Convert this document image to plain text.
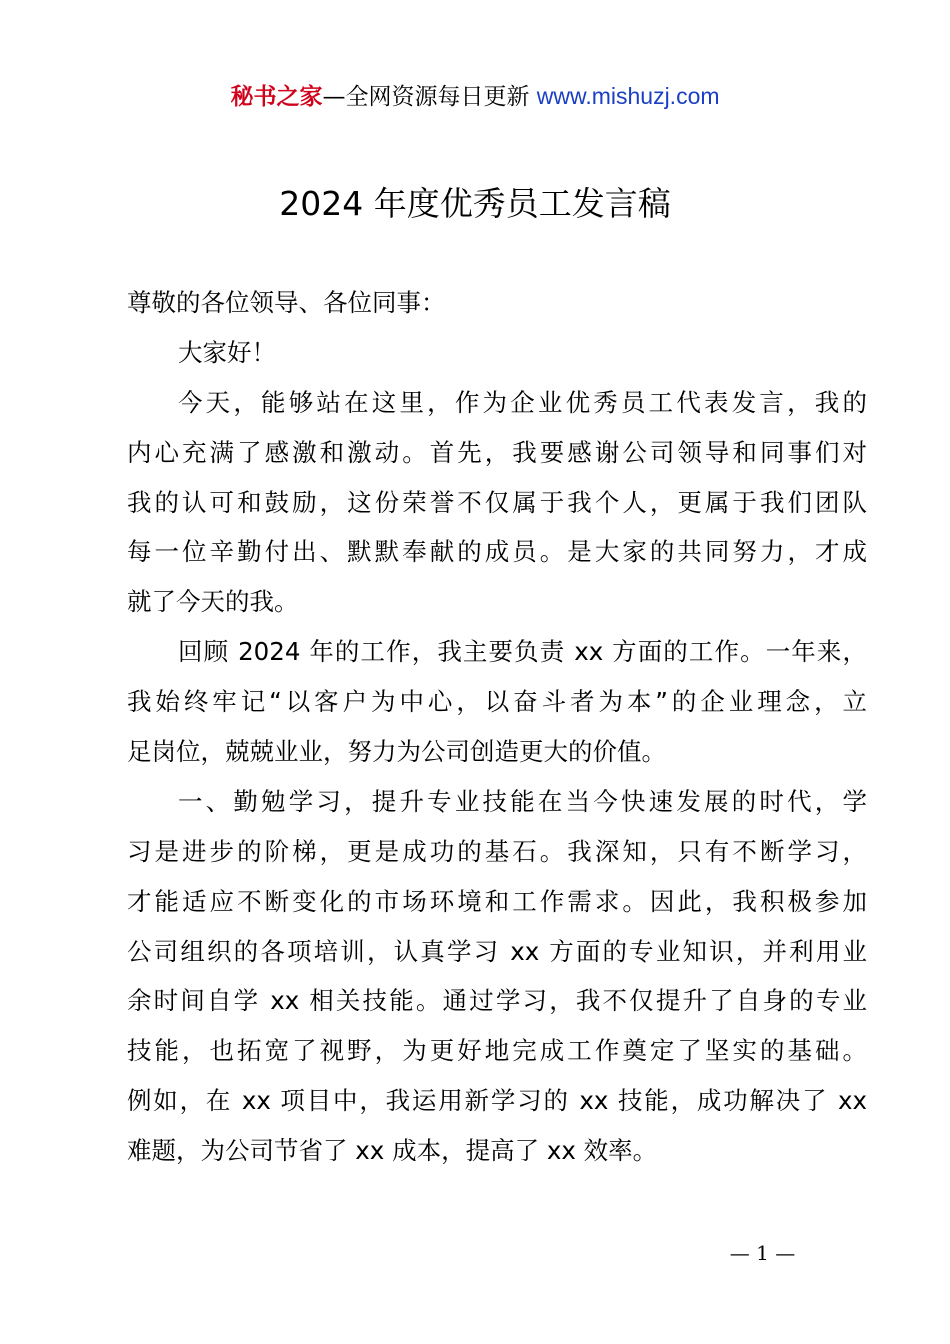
秘书之家—全网资源每日更新 www.mishuzj.com
2024 年度优秀员工发言稿
尊敬的各位领导、各位同事：
大家好！
今天，能够站在这里，作为企业优秀员工代表发言，我的
内心充满了感激和激动。首先，我要感谢公司领导和同事们对
我的认可和鼓励，这份荣誉不仅属于我个人，更属于我们团队
每一位辛勤付出、默默奉献的成员。是大家的共同努力，才成
就了今天的我。
回顾 2024 年的工作，我主要负责 xx 方面的工作。一年来，
我始终牢记“以客户为中心，以奋斗者为本”的企业理念，立
足岗位，兢兢业业，努力为公司创造更大的价值。
一、勤勉学习，提升专业技能在当今快速发展的时代，学
习是进步的阶梯，更是成功的基石。我深知，只有不断学习，
才能适应不断变化的市场环境和工作需求。因此，我积极参加
公司组织的各项培训，认真学习 xx 方面的专业知识，并利用业
余时间自学 xx 相关技能。通过学习，我不仅提升了自身的专业
技能，也拓宽了视野，为更好地完成工作奠定了坚实的基础。
例如，在 xx 项目中，我运用新学习的 xx 技能，成功解决了 xx
难题，为公司节省了 xx 成本，提高了 xx 效率。
— 1 —
